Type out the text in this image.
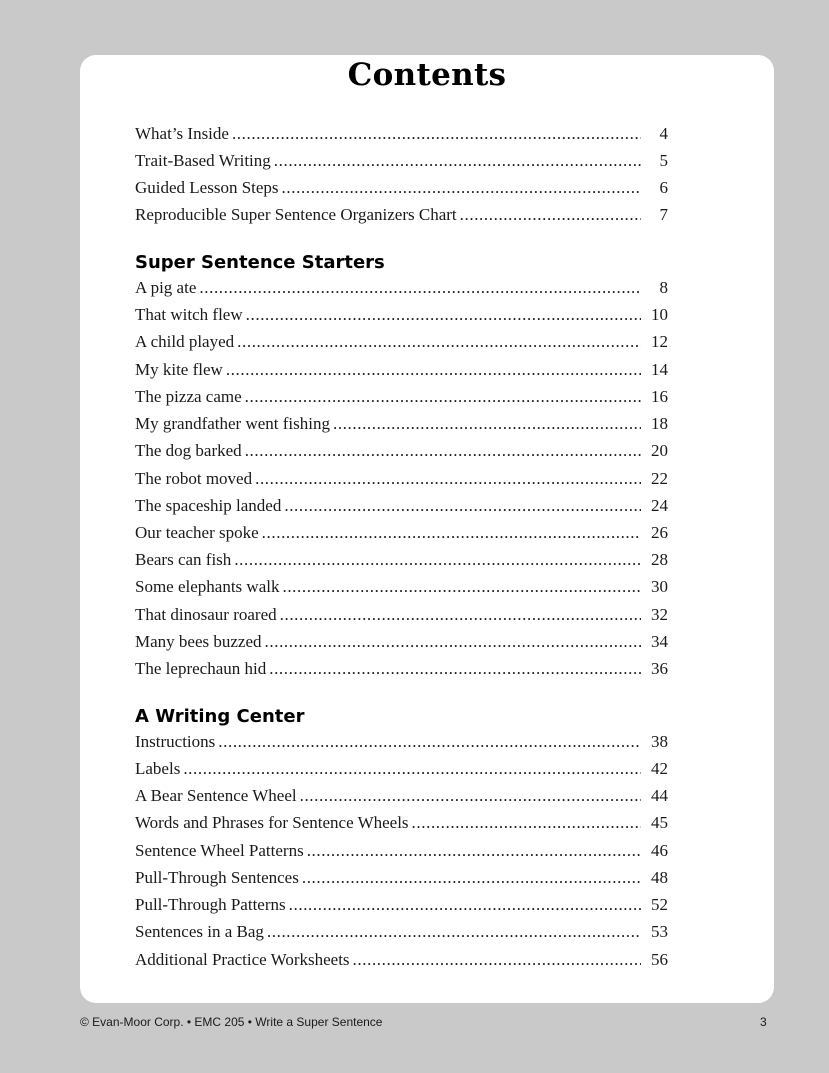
Contents
What’s Inside .....	4
Trait-Based Writing .....	5
Guided Lesson Steps .....	6
Reproducible Super Sentence Organizers Chart .....	7
Super Sentence Starters
A pig ate .....	8
That witch flew .....	10
A child played .....	12
My kite flew .....	14
The pizza came .....	16
My grandfather went fishing .....	18
The dog barked .....	20
The robot moved .....	22
The spaceship landed .....	24
Our teacher spoke .....	26
Bears can fish .....	28
Some elephants walk .....	30
That dinosaur roared .....	32
Many bees buzzed .....	34
The leprechaun hid .....	36
A Writing Center
Instructions .....	38
Labels .....	42
A Bear Sentence Wheel .....	44
Words and Phrases for Sentence Wheels .....	45
Sentence Wheel Patterns .....	46
Pull-Through Sentences .....	48
Pull-Through Patterns .....	52
Sentences in a Bag .....	53
Additional Practice Worksheets .....	56
© Evan-Moor Corp. • EMC 205 • Write a Super Sentence	3
